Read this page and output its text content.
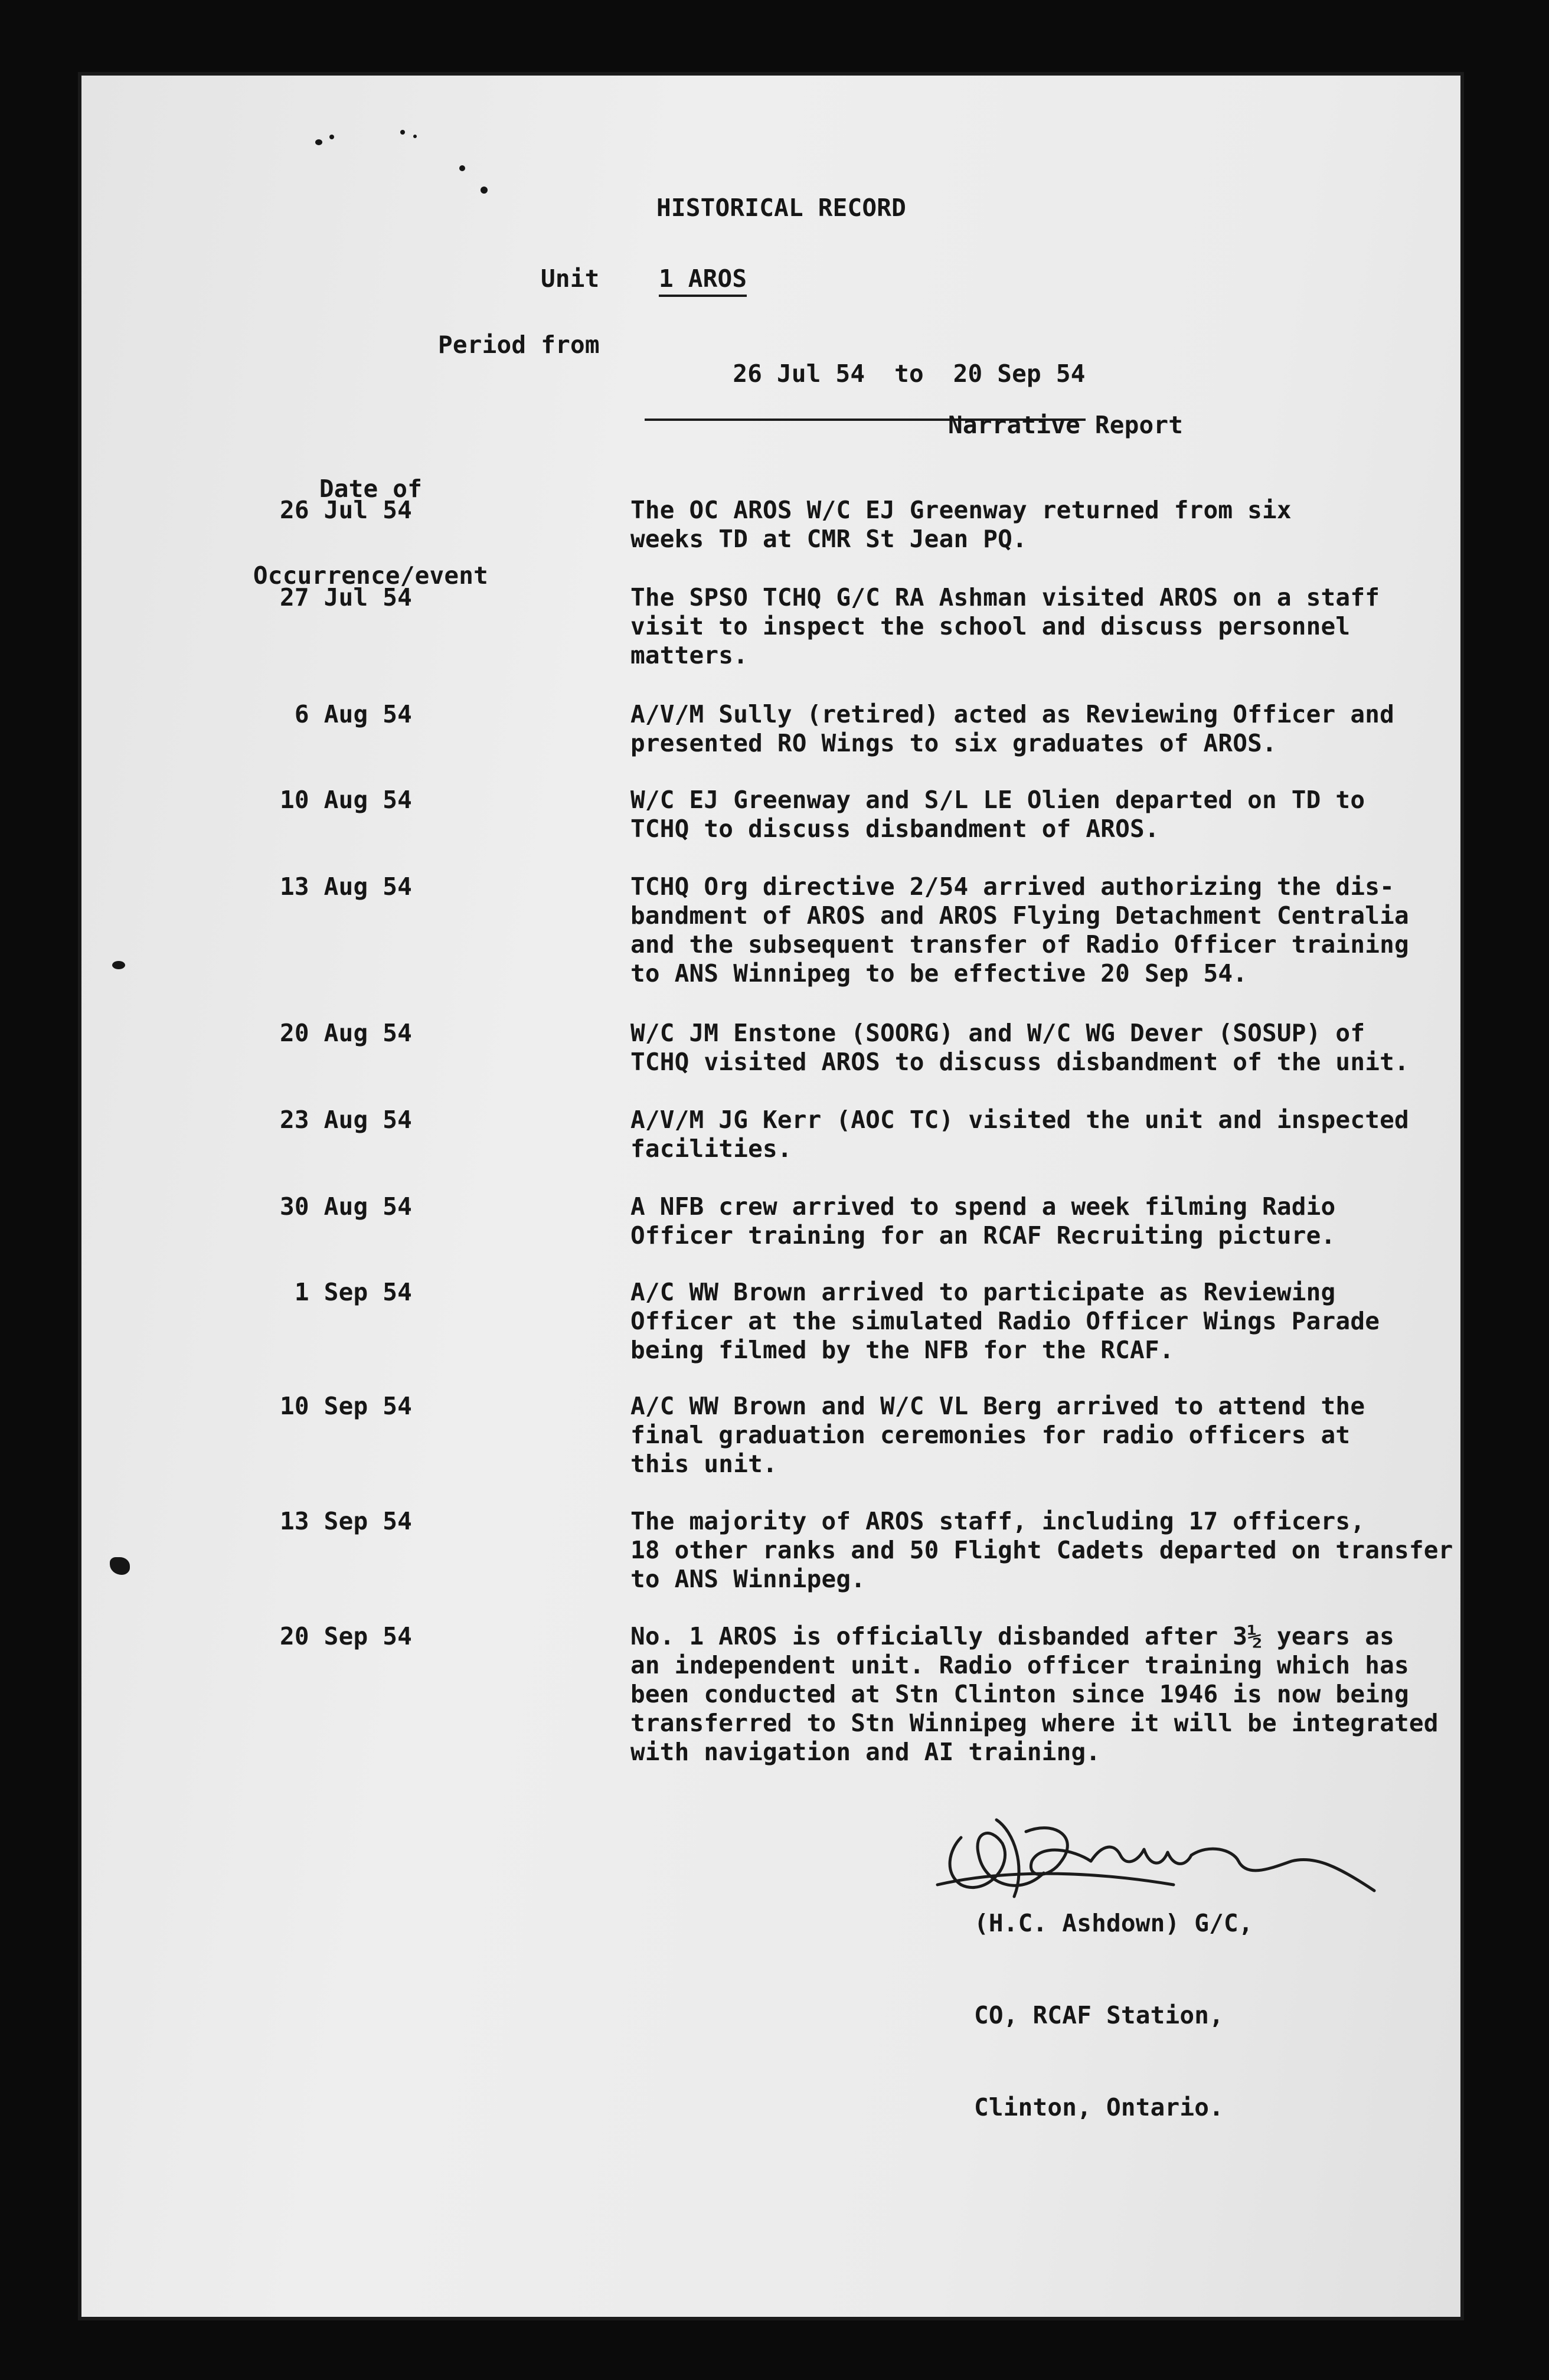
HISTORICAL RECORD
Unit 1 AROS
Period from

26 Jul 54 to 20 Sep 54

Date of

Occurrence/event

Narrative Report
26 Jul 54	The OC AROS W/C EJ Greenway returned from six
weeks TD at CMR St Jean PQ.
27 Jul 54	The SPSO TCHQ G/C RA Ashman visited AROS on a staff
visit to inspect the school and discuss personnel
matters.
6 Aug 54	A/V/M Sully (retired) acted as Reviewing Officer and
presented RO Wings to six graduates of AROS.
10 Aug 54	W/C EJ Greenway and S/L LE Olien departed on TD to
TCHQ to discuss disbandment of AROS.
13 Aug 54	TCHQ Org directive 2/54 arrived authorizing the dis-
bandment of AROS and AROS Flying Detachment Centralia
and the subsequent transfer of Radio Officer training
to ANS Winnipeg to be effective 20 Sep 54.
20 Aug 54	W/C JM Enstone (SOORG) and W/C WG Dever (SOSUP) of
TCHQ visited AROS to discuss disbandment of the unit.
23 Aug 54	A/V/M JG Kerr (AOC TC) visited the unit and inspected
facilities.
30 Aug 54	A NFB crew arrived to spend a week filming Radio
Officer training for an RCAF Recruiting picture.
1 Sep 54	A/C WW Brown arrived to participate as Reviewing
Officer at the simulated Radio Officer Wings Parade
being filmed by the NFB for the RCAF.
10 Sep 54	A/C WW Brown and W/C VL Berg arrived to attend the
final graduation ceremonies for radio officers at
this unit.
13 Sep 54	The majority of AROS staff, including 17 officers,
18 other ranks and 50 Flight Cadets departed on transfer
to ANS Winnipeg.
20 Sep 54	No. 1 AROS is officially disbanded after 3½ years as
an independent unit. Radio officer training which has
been conducted at Stn Clinton since 1946 is now being
transferred to Stn Winnipeg where it will be integrated
with navigation and AI training.

(H.C. Ashdown) G/C,

CO, RCAF Station,

Clinton, Ontario.
